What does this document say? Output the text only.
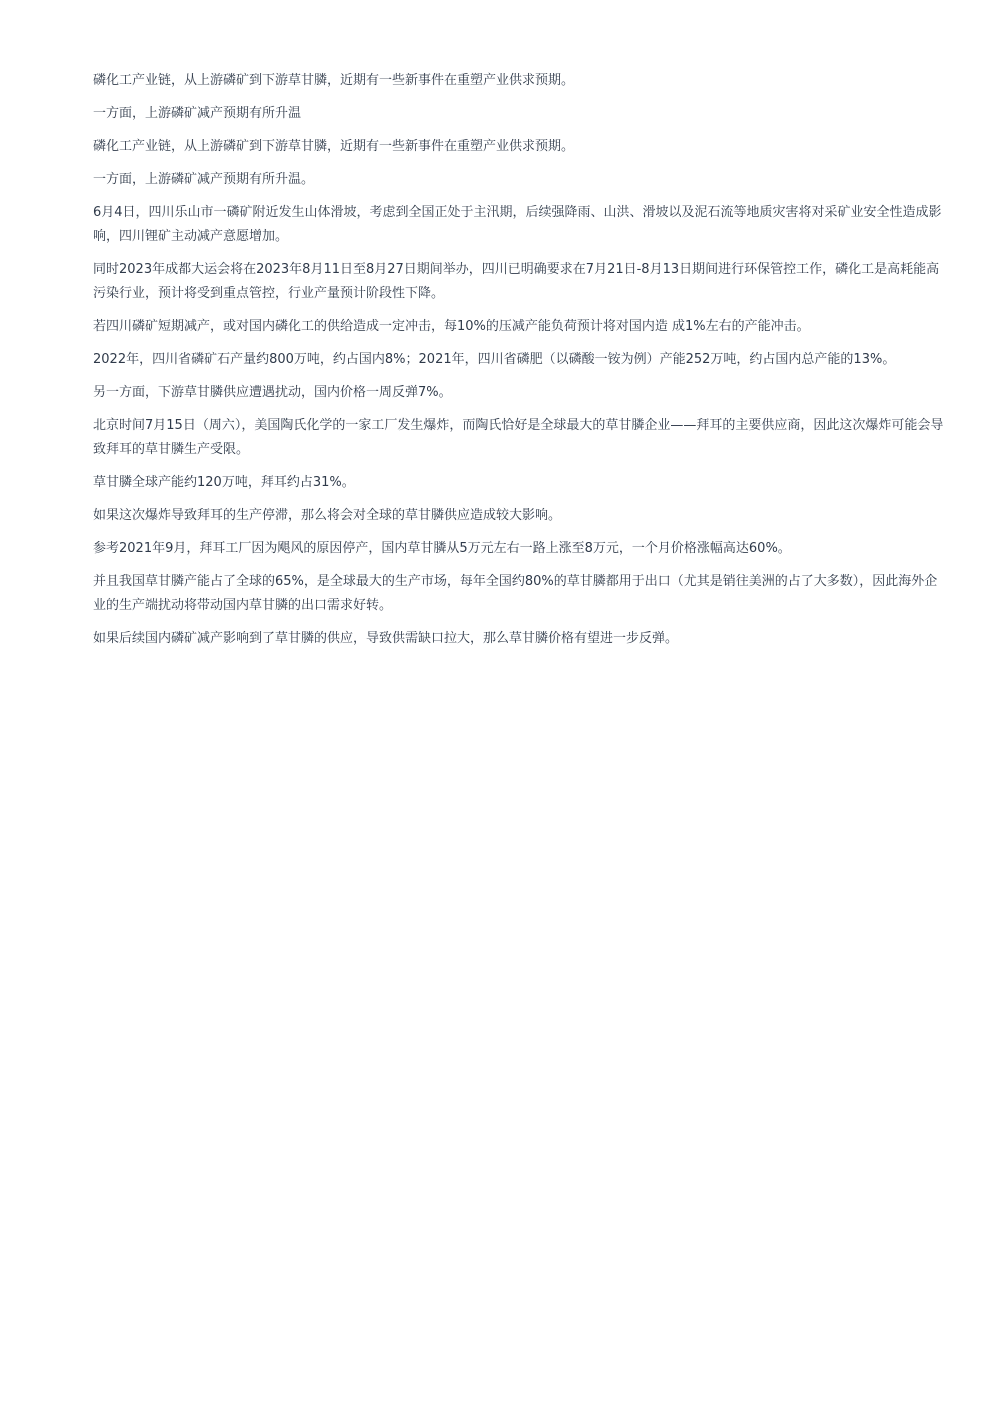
磷化工产业链，从上游磷矿到下游草甘膦，近期有一些新事件在重塑产业供求预期。

一方面，上游磷矿减产预期有所升温

磷化工产业链，从上游磷矿到下游草甘膦，近期有一些新事件在重塑产业供求预期。

一方面，上游磷矿减产预期有所升温。

6月4日，四川乐山市一磷矿附近发生山体滑坡，考虑到全国正处于主汛期，后续强降雨、山洪、滑坡以及泥石流等地质灾害将对采矿业安全性造成影响，四川锂矿主动减产意愿增加。

同时2023年成都大运会将在2023年8月11日至8月27日期间举办，四川已明确要求在7月21日-8月13日期间进行环保管控工作，磷化工是高耗能高污染行业，预计将受到重点管控，行业产量预计阶段性下降。

若四川磷矿短期减产，或对国内磷化工的供给造成一定冲击，每10%的压减产能负荷预计将对国内造 成1%左右的产能冲击。

2022年，四川省磷矿石产量约800万吨，约占国内8%；2021年，四川省磷肥（以磷酸一铵为例）产能252万吨，约占国内总产能的13%。

另一方面，下游草甘膦供应遭遇扰动，国内价格一周反弹7%。

北京时间7月15日（周六），美国陶氏化学的一家工厂发生爆炸，而陶氏恰好是全球最大的草甘膦企业——拜耳的主要供应商，因此这次爆炸可能会导致拜耳的草甘膦生产受限。

草甘膦全球产能约120万吨，拜耳约占31%。

如果这次爆炸导致拜耳的生产停滞，那么将会对全球的草甘膦供应造成较大影响。

参考2021年9月，拜耳工厂因为飓风的原因停产，国内草甘膦从5万元左右一路上涨至8万元，一个月价格涨幅高达60%。

并且我国草甘膦产能占了全球的65%，是全球最大的生产市场，每年全国约80%的草甘膦都用于出口（尤其是销往美洲的占了大多数），因此海外企业的生产端扰动将带动国内草甘膦的出口需求好转。

如果后续国内磷矿减产影响到了草甘膦的供应，导致供需缺口拉大，那么草甘膦价格有望进一步反弹。
